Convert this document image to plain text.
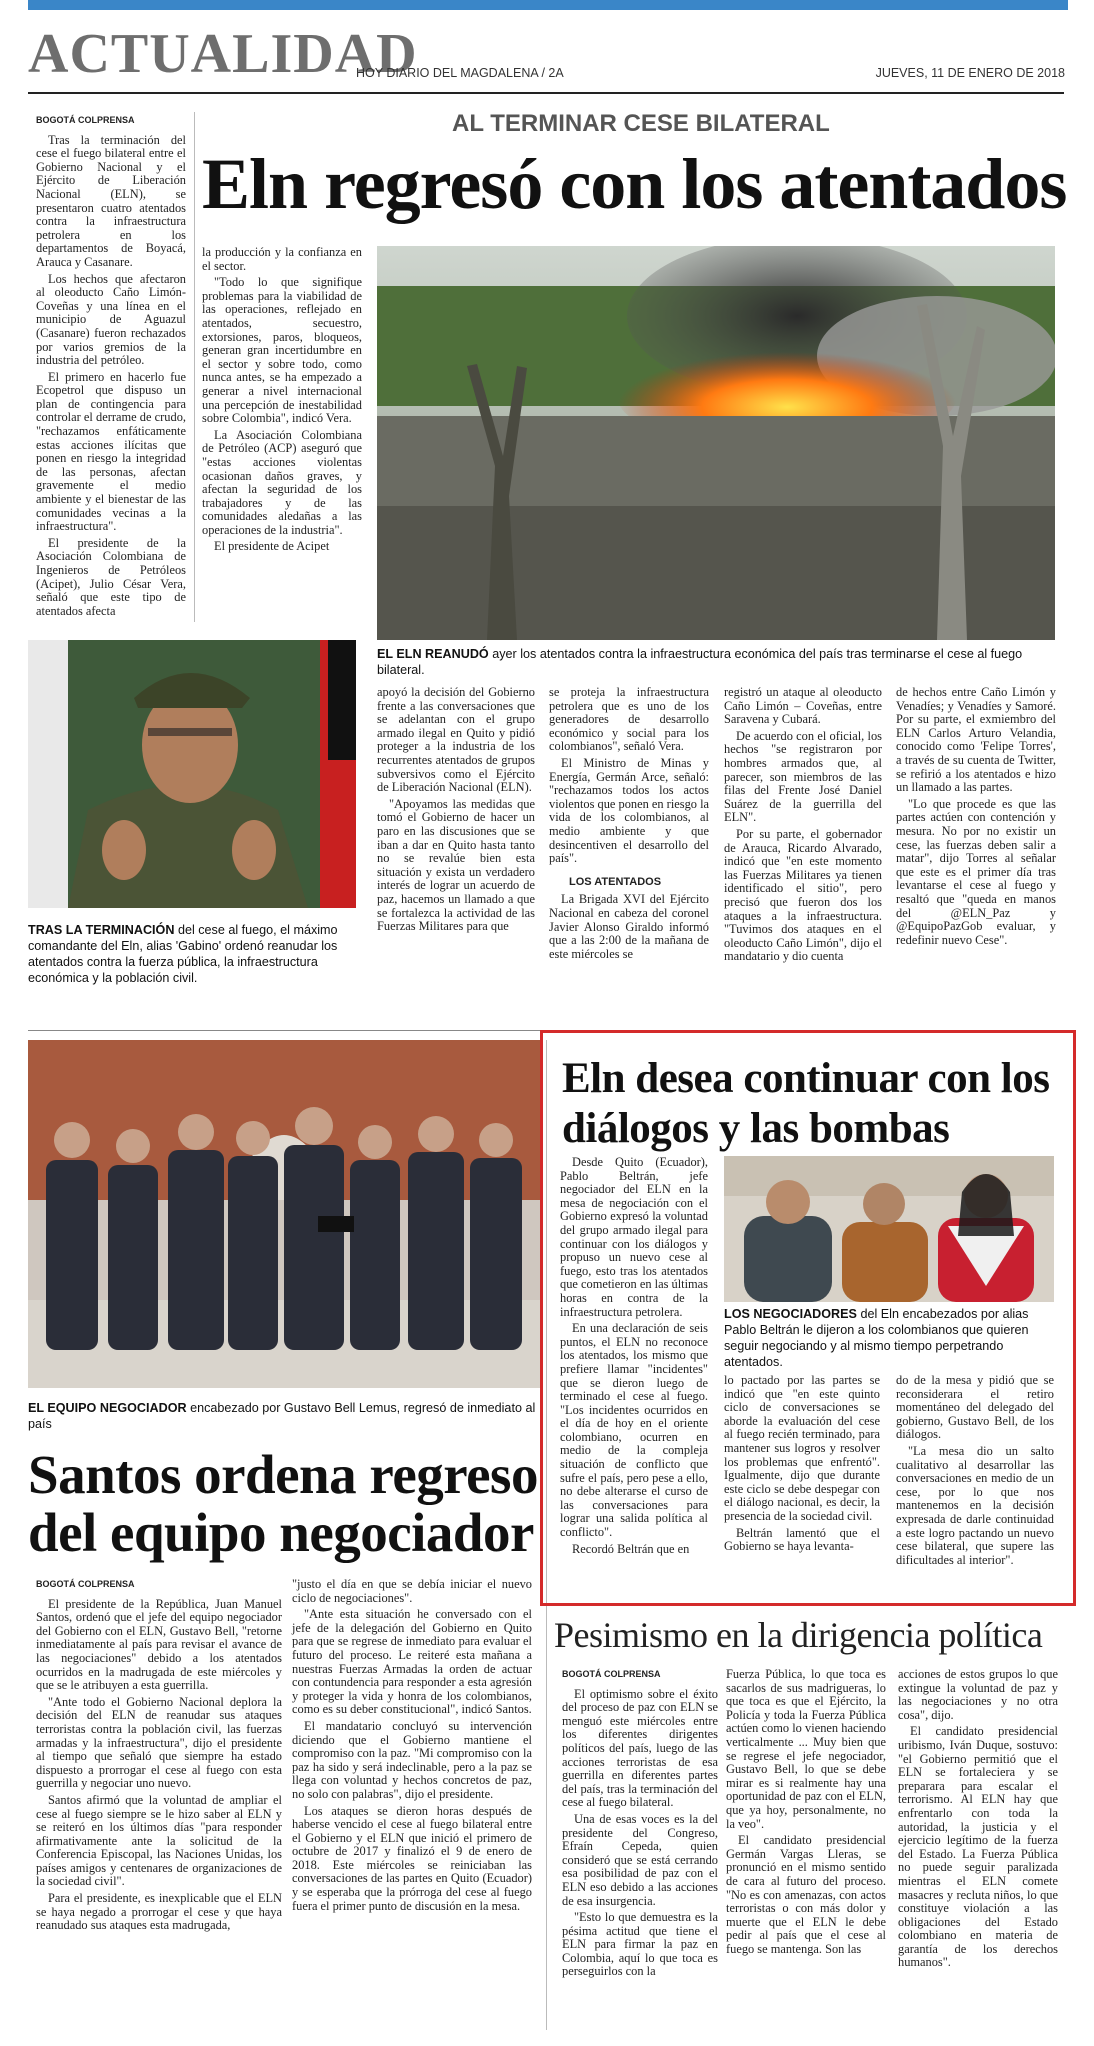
ACTUALIDAD
HOY DIARIO DEL MAGDALENA / 2A	JUEVES, 11 DE ENERO DE 2018

BOGOTÁ COLPRENSA

Tras la terminación del cese el fuego bilateral entre el Gobierno Nacional y el Ejército de Liberación Nacional (ELN), se presentaron cuatro atentados contra la infraestructura petrolera en los departamentos de Boyacá, Arauca y Casanare.

Los hechos que afectaron al oleoducto Caño Limón-Coveñas y una línea en el municipio de Aguazul (Casanare) fueron rechazados por varios gremios de la industria del petróleo.

El primero en hacerlo fue Ecopetrol que dispuso un plan de contingencia para controlar el derrame de crudo, "rechazamos enfáticamente estas acciones ilícitas que ponen en riesgo la integridad de las personas, afectan gravemente el medio ambiente y el bienestar de las comunidades vecinas a la infraestructura".

El presidente de la Asociación Colombiana de Ingenieros de Petróleos (Acipet), Julio César Vera, señaló que este tipo de atentados afecta

AL TERMINAR CESE BILATERAL
Eln regresó con los atentados

la producción y la confianza en el sector.

"Todo lo que signifique problemas para la viabilidad de las operaciones, reflejado en atentados, secuestro, extorsiones, paros, bloqueos, generan gran incertidumbre en el sector y sobre todo, como nunca antes, se ha empezado a generar a nivel internacional una percepción de inestabilidad sobre Colombia", indicó Vera.

La Asociación Colombiana de Petróleo (ACP) aseguró que "estas acciones violentas ocasionan daños graves, y afectan la seguridad de los trabajadores y de las comunidades aledañas a las operaciones de la industria".

El presidente de Acipet

EL ELN REANUDÓ ayer los atentados contra la infraestructura económica del país tras terminarse el cese al fuego bilateral.
TRAS LA TERMINACIÓN del cese al fuego, el máximo comandante del Eln, alias 'Gabino' ordenó reanudar los atentados contra la fuerza pública, la infraestructura económica y la población civil.

apoyó la decisión del Gobierno frente a las conversaciones que se adelantan con el grupo armado ilegal en Quito y pidió proteger a la industria de los recurrentes atentados de grupos subversivos como el Ejército de Liberación Nacional (ELN).

"Apoyamos las medidas que tomó el Gobierno de hacer un paro en las discusiones que se iban a dar en Quito hasta tanto no se revalúe bien esta situación y exista un verdadero interés de lograr un acuerdo de paz, hacemos un llamado a que se fortalezca la actividad de las Fuerzas Militares para que

se proteja la infraestructura petrolera que es uno de los generadores de desarrollo económico y social para los colombianos", señaló Vera.

El Ministro de Minas y Energía, Germán Arce, señaló: "rechazamos todos los actos violentos que ponen en riesgo la vida de los colombianos, al medio ambiente y que desincentiven el desarrollo del país".

LOS ATENTADOS

La Brigada XVI del Ejército Nacional en cabeza del coronel Javier Alonso Giraldo informó que a las 2:00 de la mañana de este miércoles se

registró un ataque al oleoducto Caño Limón – Coveñas, entre Saravena y Cubará.

De acuerdo con el oficial, los hechos "se registraron por hombres armados que, al parecer, son miembros de las filas del Frente José Daniel Suárez de la guerrilla del ELN".

Por su parte, el gobernador de Arauca, Ricardo Alvarado, indicó que "en este momento las Fuerzas Militares ya tienen identificado el sitio", pero precisó que fueron dos los ataques a la infraestructura. "Tuvimos dos ataques en el oleoducto Caño Limón", dijo el mandatario y dio cuenta

de hechos entre Caño Limón y Venadíes; y Venadíes y Samoré. Por su parte, el exmiembro del ELN Carlos Arturo Velandia, conocido como 'Felipe Torres', a través de su cuenta de Twitter, se refirió a los atentados e hizo un llamado a las partes.

"Lo que procede es que las partes actúen con contención y mesura. No por no existir un cese, las fuerzas deben salir a matar", dijo Torres al señalar que este es el primer día tras levantarse el cese al fuego y resaltó que "queda en manos del @ELN_Paz y @EquipoPazGob evaluar, y redefinir nuevo Cese".

EL EQUIPO NEGOCIADOR encabezado por Gustavo Bell Lemus, regresó de inmediato al país
Santos ordena regreso del equipo negociador

BOGOTÁ COLPRENSA

El presidente de la República, Juan Manuel Santos, ordenó que el jefe del equipo negociador del Gobierno con el ELN, Gustavo Bell, "retorne inmediatamente al país para revisar el avance de las negociaciones" debido a los atentados ocurridos en la madrugada de este miércoles y que se le atribuyen a esta guerrilla.

"Ante todo el Gobierno Nacional deplora la decisión del ELN de reanudar sus ataques terroristas contra la población civil, las fuerzas armadas y la infraestructura", dijo el presidente al tiempo que señaló que siempre ha estado dispuesto a prorrogar el cese al fuego con esta guerrilla y negociar uno nuevo.

Santos afirmó que la voluntad de ampliar el cese al fuego siempre se le hizo saber al ELN y se reiteró en los últimos días "para responder afirmativamente ante la solicitud de la Conferencia Episcopal, las Naciones Unidas, los países amigos y centenares de organizaciones de la sociedad civil".

Para el presidente, es inexplicable que el ELN se haya negado a prorrogar el cese y que haya reanudado sus ataques esta madrugada,

"justo el día en que se debía iniciar el nuevo ciclo de negociaciones".

"Ante esta situación he conversado con el jefe de la delegación del Gobierno en Quito para que se regrese de inmediato para evaluar el futuro del proceso. Le reiteré esta mañana a nuestras Fuerzas Armadas la orden de actuar con contundencia para responder a esta agresión y proteger la vida y honra de los colombianos, como es su deber constitucional", indicó Santos.

El mandatario concluyó su intervención diciendo que el Gobierno mantiene el compromiso con la paz. "Mi compromiso con la paz ha sido y será indeclinable, pero a la paz se llega con voluntad y hechos concretos de paz, no solo con palabras", dijo el presidente.

Los ataques se dieron horas después de haberse vencido el cese al fuego bilateral entre el Gobierno y el ELN que inició el primero de octubre de 2017 y finalizó el 9 de enero de 2018. Este miércoles se reiniciaban las conversaciones de las partes en Quito (Ecuador) y se esperaba que la prórroga del cese al fuego fuera el primer punto de discusión en la mesa.

Eln desea continuar con los diálogos y las bombas

Desde Quito (Ecuador), Pablo Beltrán, jefe negociador del ELN en la mesa de negociación con el Gobierno expresó la voluntad del grupo armado ilegal para continuar con los diálogos y propuso un nuevo cese al fuego, esto tras los atentados que cometieron en las últimas horas en contra de la infraestructura petrolera.

En una declaración de seis puntos, el ELN no reconoce los atentados, los mismo que prefiere llamar "incidentes" que se dieron luego de terminado el cese al fuego. "Los incidentes ocurridos en el día de hoy en el oriente colombiano, ocurren en medio de la compleja situación de conflicto que sufre el país, pero pese a ello, no debe alterarse el curso de las conversaciones para lograr una salida política al conflicto".

Recordó Beltrán que en

LOS NEGOCIADORES del Eln encabezados por alias Pablo Beltrán le dijeron a los colombianos que quieren seguir negociando y al mismo tiempo perpetrando atentados.

lo pactado por las partes se indicó que "en este quinto ciclo de conversaciones se aborde la evaluación del cese al fuego recién terminado, para mantener sus logros y resolver los problemas que enfrentó". Igualmente, dijo que durante este ciclo se debe despegar con el diálogo nacional, es decir, la presencia de la sociedad civil.

Beltrán lamentó que el Gobierno se haya levanta-

do de la mesa y pidió que se reconsiderara el retiro momentáneo del delegado del gobierno, Gustavo Bell, de los diálogos.

"La mesa dio un salto cualitativo al desarrollar las conversaciones en medio de un cese, por lo que nos mantenemos en la decisión expresada de darle continuidad a este logro pactando un nuevo cese bilateral, que supere las dificultades al interior".

Pesimismo en la dirigencia política

BOGOTÁ COLPRENSA

El optimismo sobre el éxito del proceso de paz con ELN se menguó este miércoles entre los diferentes dirigentes políticos del país, luego de las acciones terroristas de esa guerrilla en diferentes partes del país, tras la terminación del cese al fuego bilateral.

Una de esas voces es la del presidente del Congreso, Efraín Cepeda, quien consideró que se está cerrando esa posibilidad de paz con el ELN eso debido a las acciones de esa insurgencia.

"Esto lo que demuestra es la pésima actitud que tiene el ELN para firmar la paz en Colombia, aquí lo que toca es perseguirlos con la

Fuerza Pública, lo que toca es sacarlos de sus madrigueras, lo que toca es que el Ejército, la Policía y toda la Fuerza Pública actúen como lo vienen haciendo verticalmente ... Muy bien que se regrese el jefe negociador, Gustavo Bell, lo que se debe mirar es si realmente hay una oportunidad de paz con el ELN, que ya hoy, personalmente, no la veo".

El candidato presidencial Germán Vargas Lleras, se pronunció en el mismo sentido de cara al futuro del proceso. "No es con amenazas, con actos terroristas o con más dolor y muerte que el ELN le debe pedir al país que el cese al fuego se mantenga. Son las

acciones de estos grupos lo que extingue la voluntad de paz y las negociaciones y no otra cosa", dijo.

El candidato presidencial uribismo, Iván Duque, sostuvo: "el Gobierno permitió que el ELN se fortaleciera y se preparara para escalar el terrorismo. Al ELN hay que enfrentarlo con toda la autoridad, la justicia y el ejercicio legítimo de la fuerza del Estado. La Fuerza Pública no puede seguir paralizada mientras el ELN comete masacres y recluta niños, lo que constituye violación a las obligaciones del Estado colombiano en materia de garantía de los derechos humanos".
